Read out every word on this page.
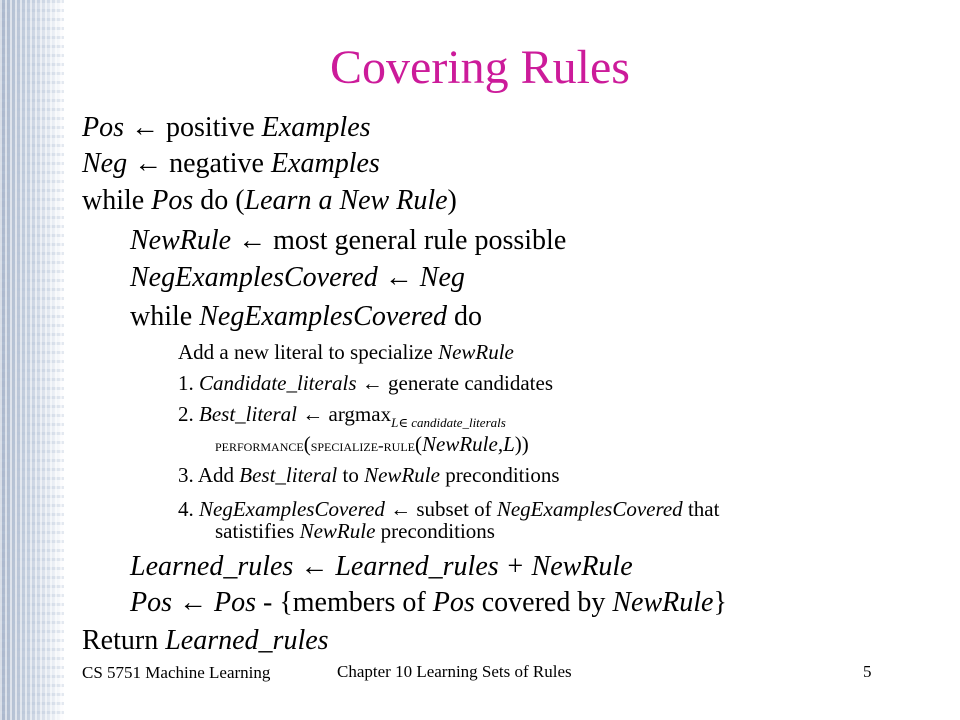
Covering Rules
Pos ← positive Examples
Neg ← negative Examples
while Pos do (Learn a New Rule)
NewRule ← most general rule possible
NegExamplesCovered ← Neg
while NegExamplesCovered do
Add a new literal to specialize NewRule
1. Candidate_literals ← generate candidates
2. Best_literal ← argmax$_{L\in candidate\_literals}$
performance(specialize-rule(NewRule,L))
3. Add Best_literal to NewRule preconditions
4. NegExamplesCovered ← subset of NegExamplesCovered that
satistifies NewRule preconditions
Learned_rules ← Learned_rules + NewRule
Pos ← Pos - {members of Pos covered by NewRule}
Return Learned_rules
CS 5751 Machine Learning	Chapter 10 Learning Sets of Rules	5
